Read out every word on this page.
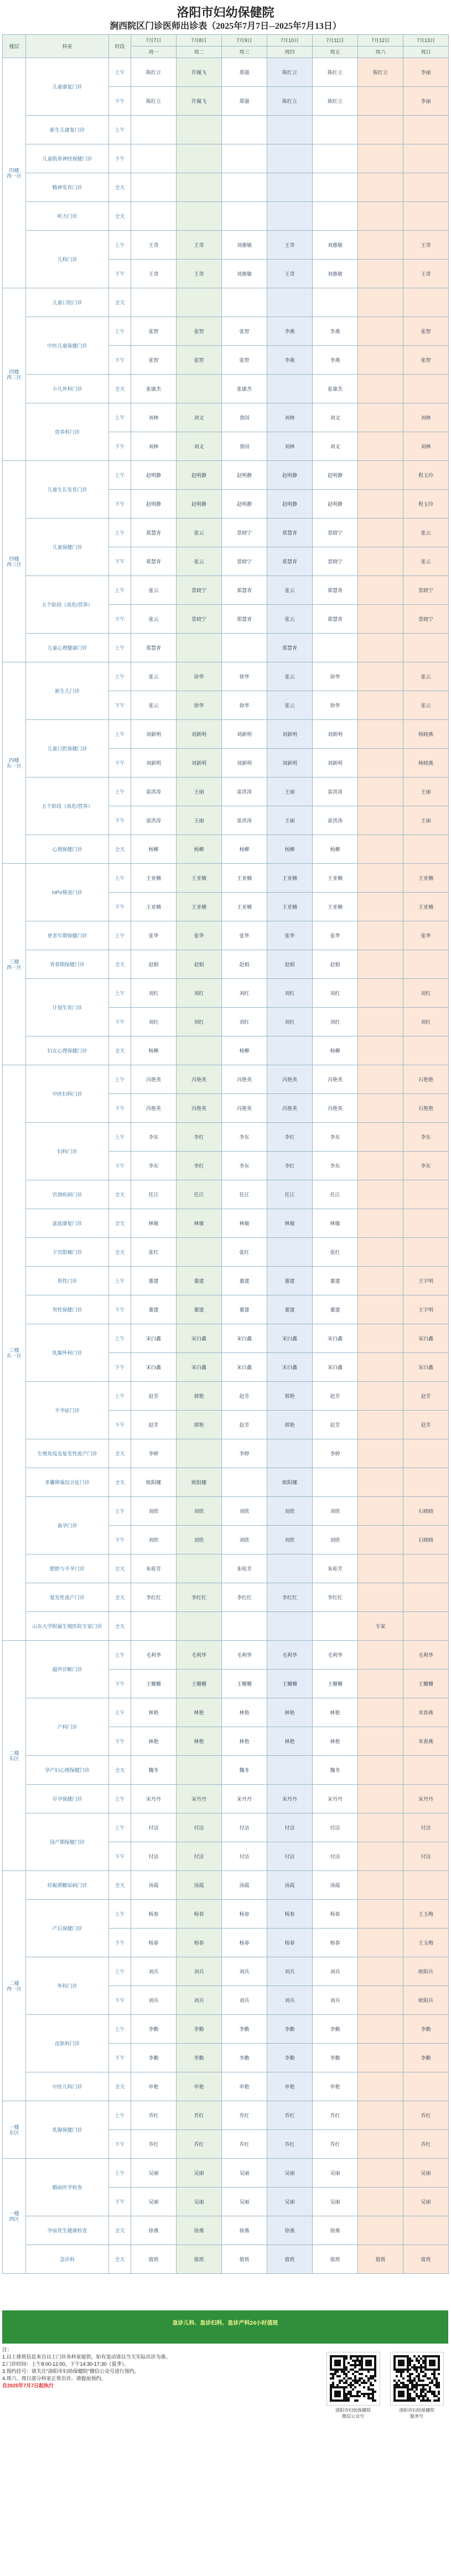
洛阳市妇幼保健院
涧西院区门诊医师出诊表（2025年7月7日--2025年7月13日）
楼层	科室	时段	7月7日	7月8日	7月9日	7月10日	7月11日	7月12日	7月13日
			周一	周二	周三	周四	周五	周六	周日
四楼
西一区	儿童康复门诊	上午	陈红立	许佩飞	郑强	陈红立	陈红立	陈红立	李丽
		下午	陈红立	许佩飞	郑强	陈红立	陈红立		李丽
	新生儿康复门诊	上午							
	儿童肌骨神经保健门诊	下午							
	精神发育门诊	全天							
	听力门诊	全天							
	儿科门诊	上午	王奇	王奇	刘惠敏	王奇	刘惠敏		王奇
		下午	王奇	王奇	刘惠敏	王奇	刘惠敏		王奇
四楼
西二区	儿童口腔门诊	全天							
	中医儿童保健门诊	上午	张智	张智	张智	李燕	李燕		张智
		下午	张智	张智	张智	李燕	李燕		张智
	小儿外科门诊	全天	张康杰		张康杰		张康杰		
	营养科门诊	上午	刘林	刘文	食园	刘林	刘文		刘林
		下午	刘林	刘文	食园	刘林	刘文		刘林
四楼
西三区	儿童生长发育门诊	上午	赵明静	赵明静	赵明静	赵明静	赵明静		程玉玲
		下午	赵明静	赵明静	赵明静	赵明静	赵明静		程玉玲
	儿童保健门诊	上午	郑慧青	张云	景晓宁	郑慧青	景晓宁		张云
		下午	郑慧青	张云	景晓宁	郑慧青	景晓宁		张云
	五个阶段（高危/营养）	上午	张云	景晓宁	郑慧青	张云	郑慧青		景晓宁
		下午	张云	景晓宁	郑慧青	张云	郑慧青		景晓宁
	儿童心理健康门诊	上午	郑慧青			郑慧青			
四楼
东一区	新生儿门诊	上午	张云	徐华	徐华	张云	徐华		张云
		下午	张云	徐华	徐华	张云	徐华		张云
	儿童口腔保健门诊	上午	刘新明	刘新明	刘新明	刘新明	刘新明		杨晓燕
		下午	刘新明	刘新明	刘新明	刘新明	刘新明		杨晓燕
	五个阶段（高危/营养）	上午	雷洪涛	王丽	雷洪涛	王丽	雷洪涛		王丽
		下午	雷洪涛	王丽	雷洪涛	王丽	雷洪涛		王丽
	心理保健门诊	全天	杨柳	杨柳	杨柳	杨柳	杨柳		
三楼
西一区	HPV筛查门诊	上午	王亚楠	王亚楠	王亚楠	王亚楠	王亚楠		王亚楠
		下午	王亚楠	王亚楠	王亚楠	王亚楠	王亚楠		王亚楠
	更老年期保健门诊	上午	张华	张华	张华	张华	张华		张华
	青春期保健门诊	全天	赵娟	赵娟	赵娟	赵娟	赵娟		
	计划生育门诊	上午	刘红	刘红	刘红	刘红	刘红		刘红
		下午	刘红	刘红	刘红	刘红	刘红		刘红
	妇女心理保健门诊	全天	杨柳		杨柳		杨柳		
三楼
东一区	中医妇科门诊	上午	冯艳英	冯艳英	冯艳英	冯艳英	冯艳英		石艳艳
		下午	冯艳英	冯艳英	冯艳英	冯艳英	冯艳英		石艳艳
	妇科门诊	上午	李东	李红	李东	李红	李东		李东
		下午	李东	李红	李东	李红	李东		李东
	宫颈疾病门诊	全天	任江	任江	任江	任江	任江		
	盆底康复门诊	全天	林敏	林敏	林敏	林敏	林敏		
	子宫肌瘤门诊	全天	张红		张红		张红		
	男性门诊	上午	董建	董建	董建	董建	董建		王宇明
	男性保健门诊	下午	董建	董建	董建	董建	董建		王宇明
	乳腺外科门诊	上午	宋白鑫	宋白鑫	宋白鑫	宋白鑫	宋白鑫		宋白鑫
		下午	宋白鑫	宋白鑫	宋白鑫	宋白鑫	宋白鑫		宋白鑫
	不孕症门诊	上午	赵芳	郭艳	赵芳	郭艳	赵芳		赵芳
		下午	赵芳	郭艳	赵芳	郭艳	赵芳		赵芳
	生殖免疫及复发性流产门诊	全天	李婷		李婷		李婷		
	多囊卵巢综合征门诊	全天	欧阳娜	欧阳娜		欧阳娜			
	备孕门诊	上午	刘欣	刘欣	刘欣	刘欣	刘欣		石晓晓
		下午	刘欣	刘欣	刘欣	刘欣	刘欣		石晓晓
	肥胖与不孕门诊	全天	朱桂芳		朱桂芳		朱桂芳		
	复发性流产门诊	全天	李红红	李红红	李红红	李红红	李红红		
	山东大学附属生殖医院专家门诊	全天						专家	
二楼
东区	超声诊断门诊	上午	毛利华	毛利华	毛利华	毛利华	毛利华		毛利华
		下午	王姗姗	王姗姗	王姗姗	王姗姗	王姗姗		王姗姗
	产科门诊	上午	林艳	林艳	林艳	林艳	林艳		米春燕
		下午	林艳	林艳	林艳	林艳	林艳		米春燕
	孕产妇心理保健门诊	全天	魏冬		魏冬		魏冬		
	早孕保健门诊	上午	宋丹丹	宋丹丹	宋丹丹	宋丹丹	宋丹丹		宋丹丹
	国产期保健门诊	上午	付洁	付洁	付洁	付洁	付洁		付洁
		下午	付洁	付洁	付洁	付洁	付洁		付洁
二楼
西一区	妊娠期糖尿病门诊	全天	汤霞	汤霞	汤霞	汤霞	汤霞		
	产后保健门诊	上午	杨春	杨春	杨春	杨春	杨春		王玉梅
		下午	杨春	杨春	杨春	杨春	杨春		王玉梅
	外科门诊	上午	刘兵	刘兵	刘兵	刘兵	刘兵		欧阳兵
		下午	刘兵	刘兵	刘兵	刘兵	刘兵		欧阳兵
	皮肤科门诊	上午	李勤	李勤	李勤	李勤	李勤		李勤
		下午	李勤	李勤	李勤	李勤	李勤		李勤
	中医儿科门诊	全天	申艳	申艳	申艳	申艳	申艳		
一楼
东区	乳腺保健门诊	上午	乔红	乔红	乔红	乔红	乔红		乔红
		下午	乔红	乔红	乔红	乔红	乔红		乔红
一楼
西区	婚前医学检查	上午	吴丽	吴丽	吴丽	吴丽	吴丽		吴丽
		下午	吴丽	吴丽	吴丽	吴丽	吴丽		吴丽
	孕前优生健康检查	全天	徐燕	徐燕	徐燕	徐燕	徐燕		
	急诊科	全天	值班	值班	值班	值班	值班	值班	值班
急诊儿科、急诊妇科、急诊产科24小时值班
注：
1.以上排班信息来自以上门诊各科室提供，如有变动请以当天实际出诊为准。
2.门诊时间：上午8:00-12:00，下午14:30-17:30（夏季）。
3.预约挂号：请关注"洛阳市妇幼保健院"微信公众号进行预约。
4.周六、周日部分科室正常出诊，请提前预约。
自2025年7月7日起执行
洛阳市妇幼保健院
微信公众号
洛阳市妇幼保健院
服务号
